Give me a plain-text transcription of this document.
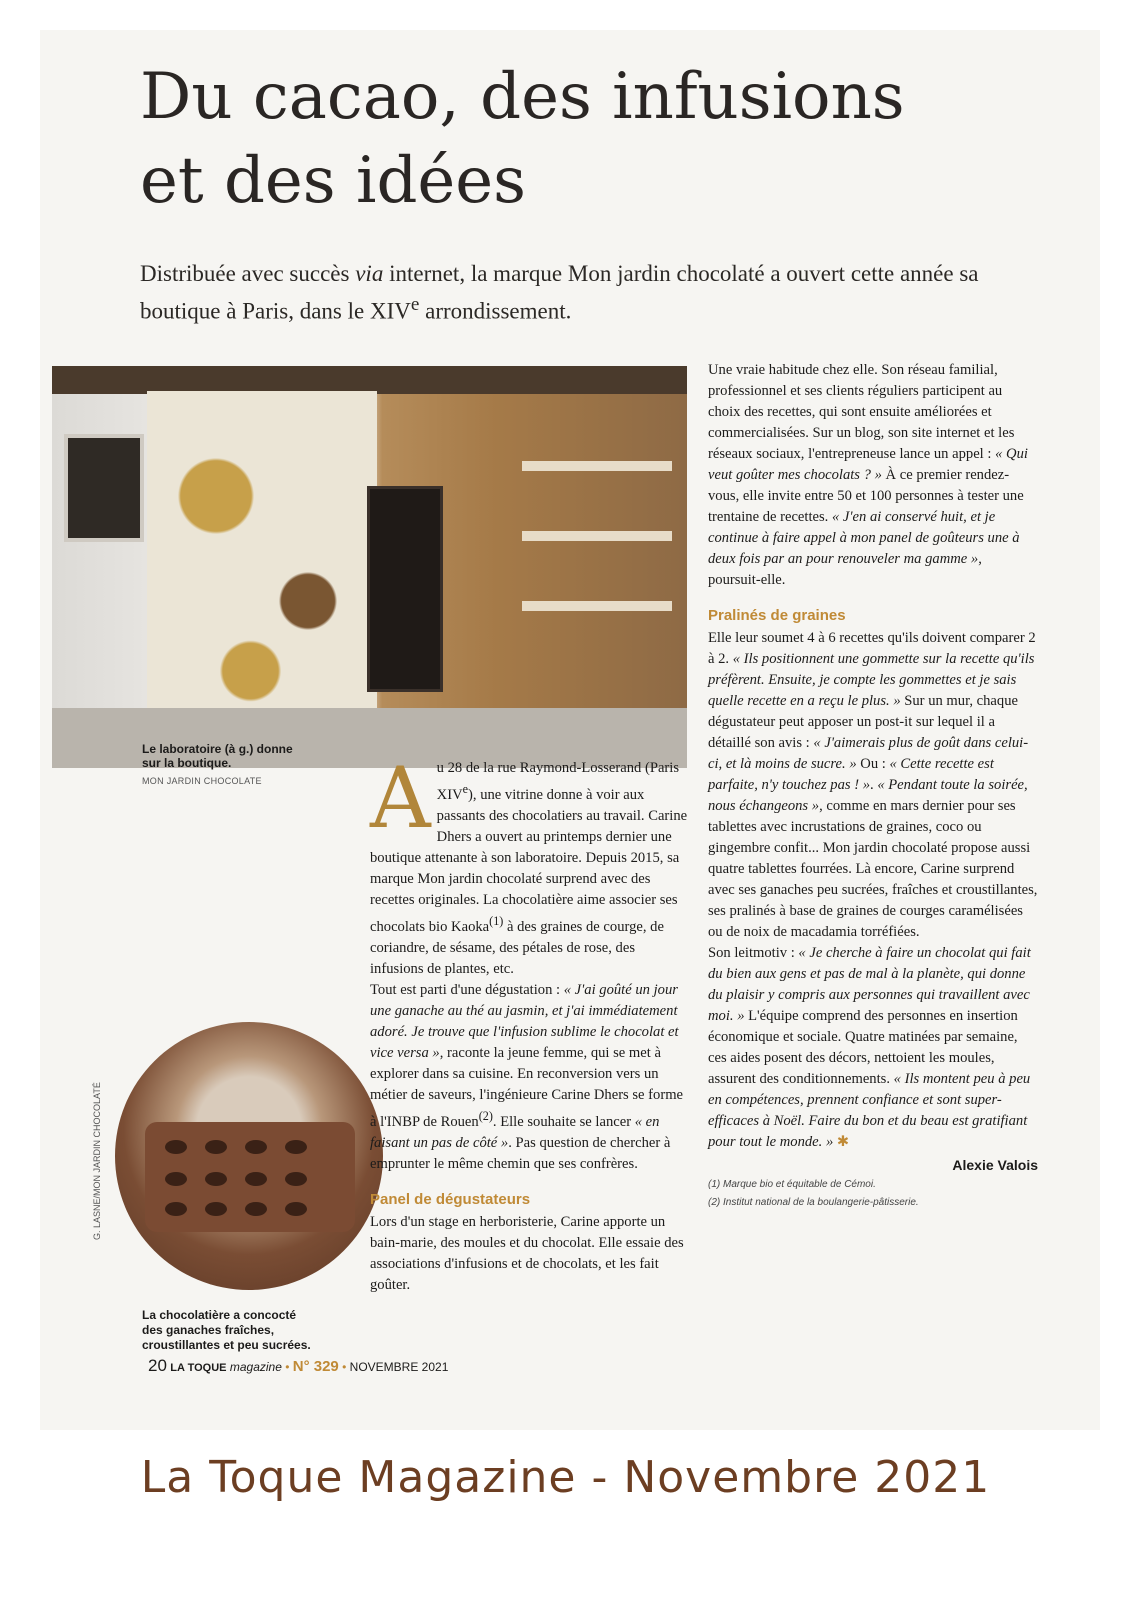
Du cacao, des infusions
et des idées
Distribuée avec succès via internet, la marque Mon jardin chocolaté a ouvert cette année sa boutique à Paris, dans le XIVe arrondissement.
Le laboratoire (à g.) donne
sur la boutique.
MON JARDIN CHOCOLATE
G. LASNE/MON JARDIN CHOCOLATÉ
La chocolatière a concocté
des ganaches fraîches,
croustillantes et peu sucrées.

Au 28 de la rue Raymond-Losserand (Paris XIVe), une vitrine donne à voir aux passants des chocolatiers au travail. Carine Dhers a ouvert au printemps dernier une boutique attenante à son laboratoire. Depuis 2015, sa marque Mon jardin chocolaté surprend avec des recettes originales. La chocolatière aime associer ses chocolats bio Kaoka$^{(1)}$ à des graines de courge, de coriandre, de sésame, des pétales de rose, des infusions de plantes, etc.

Tout est parti d'une dégustation : « J'ai goûté un jour une ganache au thé au jasmin, et j'ai immédiatement adoré. Je trouve que l'infusion sublime le chocolat et vice versa », raconte la jeune femme, qui se met à explorer dans sa cuisine. En reconversion vers un métier de saveurs, l'ingénieure Carine Dhers se forme à l'INBP de Rouen$^{(2)}$. Elle souhaite se lancer « en faisant un pas de côté ». Pas question de chercher à emprunter le même chemin que ses confrères.

Panel de dégustateurs

Lors d'un stage en herboristerie, Carine apporte un bain-marie, des moules et du chocolat. Elle essaie des associations d'infusions et de chocolats, et les fait goûter.

Une vraie habitude chez elle. Son réseau familial, professionnel et ses clients réguliers participent au choix des recettes, qui sont ensuite améliorées et commercialisées. Sur un blog, son site internet et les réseaux sociaux, l'entrepreneuse lance un appel : « Qui veut goûter mes chocolats ? » À ce premier rendez-vous, elle invite entre 50 et 100 personnes à tester une trentaine de recettes. « J'en ai conservé huit, et je continue à faire appel à mon panel de goûteurs une à deux fois par an pour renouveler ma gamme », poursuit-elle.

Pralinés de graines

Elle leur soumet 4 à 6 recettes qu'ils doivent comparer 2 à 2. « Ils positionnent une gommette sur la recette qu'ils préfèrent. Ensuite, je compte les gommettes et je sais quelle recette en a reçu le plus. » Sur un mur, chaque dégustateur peut apposer un post-it sur lequel il a détaillé son avis : « J'aimerais plus de goût dans celui-ci, et là moins de sucre. » Ou : « Cette recette est parfaite, n'y touchez pas ! ». « Pendant toute la soirée, nous échangeons », comme en mars dernier pour ses tablettes avec incrustations de graines, coco ou gingembre confit... Mon jardin chocolaté propose aussi quatre tablettes fourrées. Là encore, Carine surprend avec ses ganaches peu sucrées, fraîches et croustillantes, ses pralinés à base de graines de courges caramélisées ou de noix de macadamia torréfiées.

Son leitmotiv : « Je cherche à faire un chocolat qui fait du bien aux gens et pas de mal à la planète, qui donne du plaisir y compris aux personnes qui travaillent avec moi. » L'équipe comprend des personnes en insertion économique et sociale. Quatre matinées par semaine, ces aides posent des décors, nettoient les moules, assurent des conditionnements. « Ils montent peu à peu en compétences, prennent confiance et sont super-efficaces à Noël. Faire du bon et du beau est gratifiant pour tout le monde. » ✱

Alexie Valois
(1) Marque bio et équitable de Cémoi.
(2) Institut national de la boulangerie-pâtisserie.
20 LA TOQUE magazine • N° 329 • NOVEMBRE 2021
La Toque Magazine - Novembre 2021
